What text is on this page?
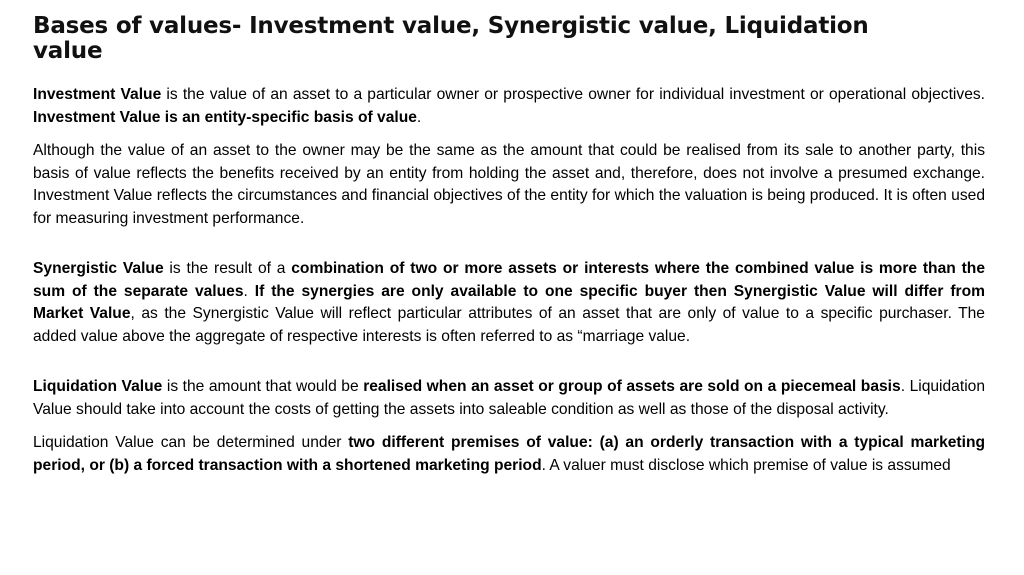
Bases of values- Investment value, Synergistic value, Liquidation value

Investment Value is the value of an asset to a particular owner or prospective owner for individual investment or operational objectives. Investment Value is an entity-specific basis of value.

Although the value of an asset to the owner may be the same as the amount that could be realised from its sale to another party, this basis of value reflects the benefits received by an entity from holding the asset and, therefore, does not involve a presumed exchange. Investment Value reflects the circumstances and financial objectives of the entity for which the valuation is being produced. It is often used for measuring investment performance.

Synergistic Value is the result of a combination of two or more assets or interests where the combined value is more than the sum of the separate values. If the synergies are only available to one specific buyer then Synergistic Value will differ from Market Value, as the Synergistic Value will reflect particular attributes of an asset that are only of value to a specific purchaser. The added value above the aggregate of respective interests is often referred to as “marriage value.

Liquidation Value is the amount that would be realised when an asset or group of assets are sold on a piecemeal basis. Liquidation Value should take into account the costs of getting the assets into saleable condition as well as those of the disposal activity.

Liquidation Value can be determined under two different premises of value: (a) an orderly transaction with a typical marketing period, or (b) a forced transaction with a shortened marketing period. A valuer must disclose which premise of value is assumed
